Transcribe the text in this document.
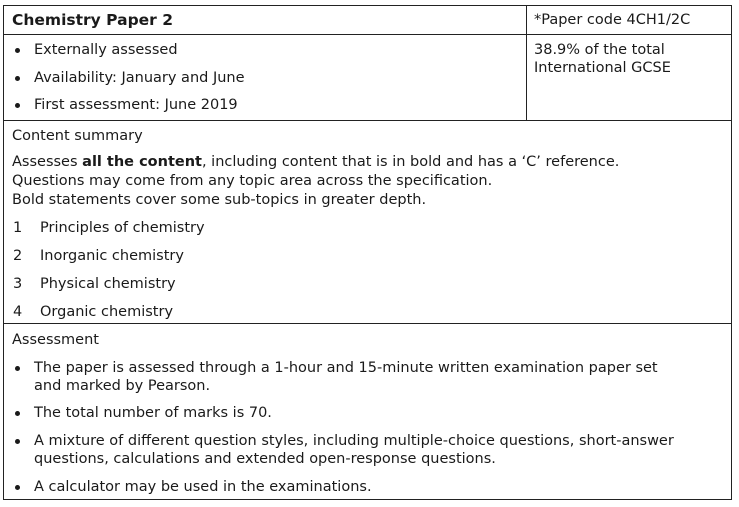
Chemistry Paper 2	*Paper code 4CH1/2C
Externally assessed
Availability: January and June
First assessment: June 2019
38.9% of the total
International GCSE
Content summary
Assesses all the content, including content that is in bold and has a ‘C’ reference.
Questions may come from any topic area across the specification.
Bold statements cover some sub-topics in greater depth.
1 Principles of chemistry
2 Inorganic chemistry
3 Physical chemistry
4 Organic chemistry
Assessment
The paper is assessed through a 1-hour and 15-minute written examination paper set
and marked by Pearson.
The total number of marks is 70.
A mixture of different question styles, including multiple-choice questions, short-answer
questions, calculations and extended open-response questions.
A calculator may be used in the examinations.
